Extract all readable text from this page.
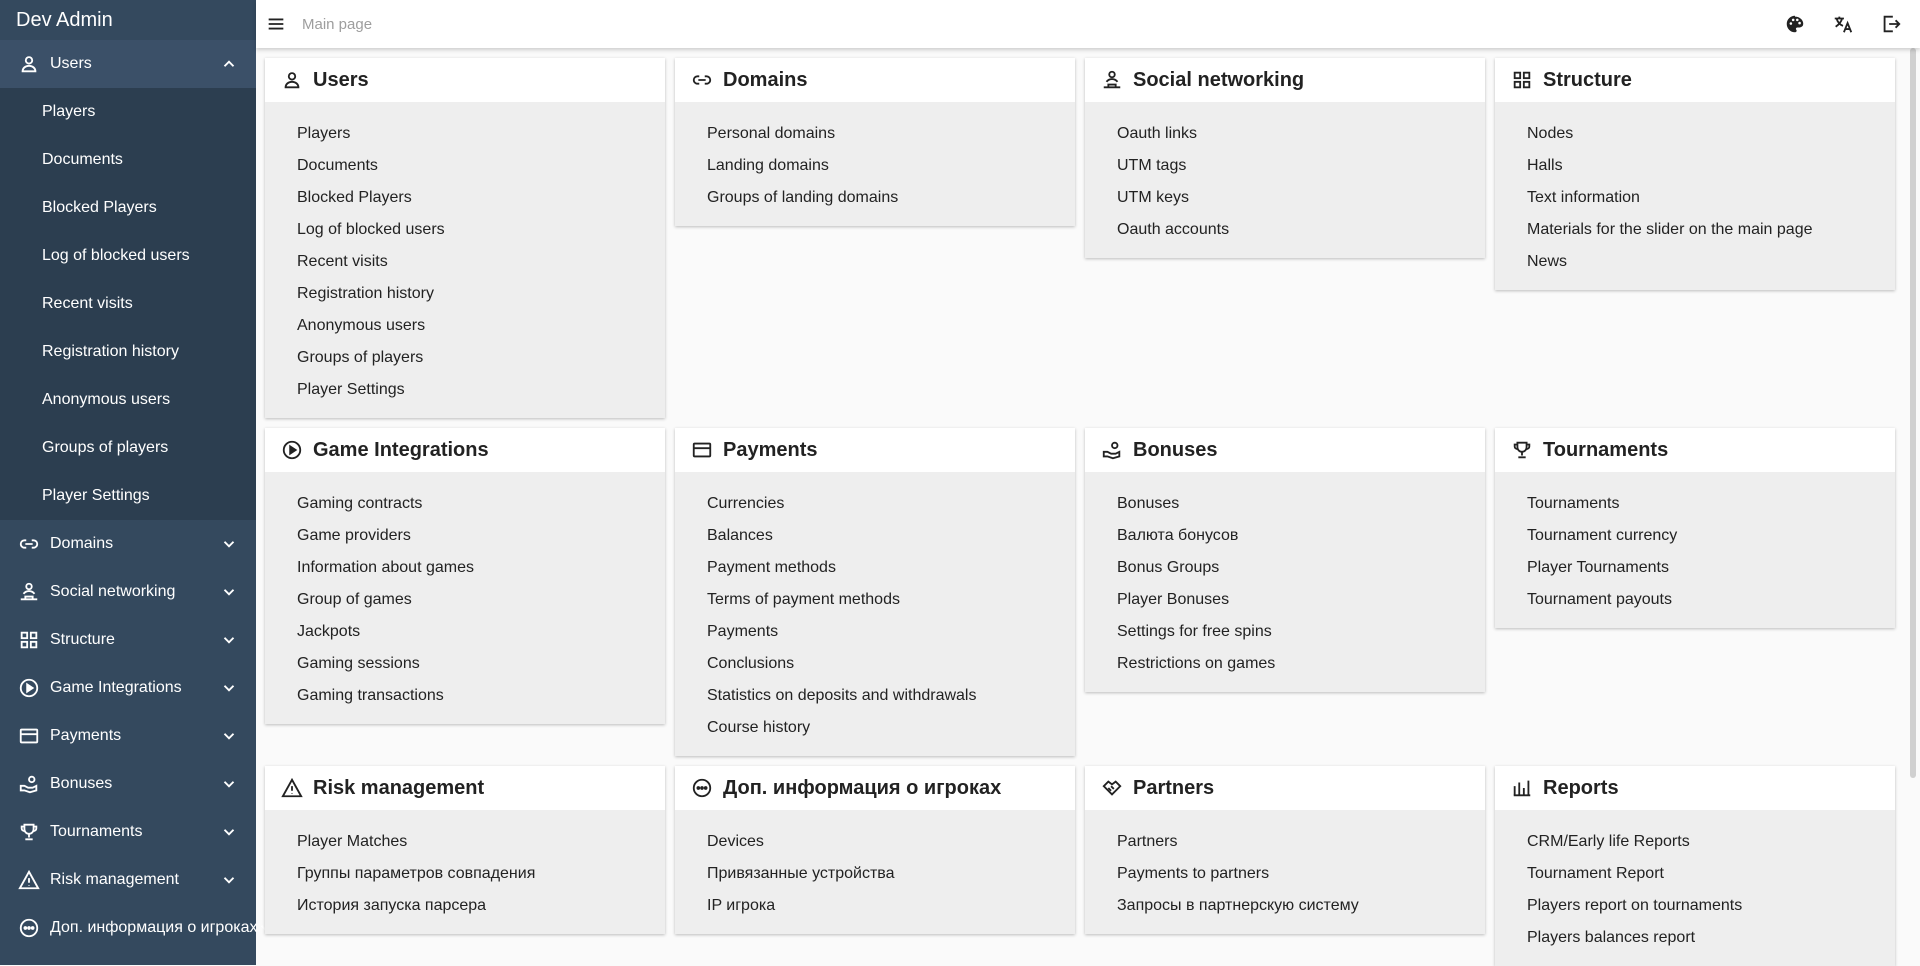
Dev Admin
Users
Players
Documents
Blocked Players
Log of blocked users
Recent visits
Registration history
Anonymous users
Groups of players
Player Settings
Domains
Social networking
Structure
Game Integrations
Payments
Bonuses
Tournaments
Risk management
Доп. информация о игроках
Main page
Users
Players
Documents
Blocked Players
Log of blocked users
Recent visits
Registration history
Anonymous users
Groups of players
Player Settings
Domains
Personal domains
Landing domains
Groups of landing domains
Social networking
Oauth links
UTM tags
UTM keys
Oauth accounts
Structure
Nodes
Halls
Text information
Materials for the slider on the main page
News
Game Integrations
Gaming contracts
Game providers
Information about games
Group of games
Jackpots
Gaming sessions
Gaming transactions
Payments
Currencies
Balances
Payment methods
Terms of payment methods
Payments
Conclusions
Statistics on deposits and withdrawals
Course history
Bonuses
Bonuses
Валюта бонусов
Bonus Groups
Player Bonuses
Settings for free spins
Restrictions on games
Tournaments
Tournaments
Tournament currency
Player Tournaments
Tournament payouts
Risk management
Player Matches
Группы параметров совпадения
История запуска парсера
Доп. информация о игроках
Devices
Привязанные устройства
IP игрока
Partners
Partners
Payments to partners
Запросы в партнерскую систему
Reports
CRM/Early life Reports
Tournament Report
Players report on tournaments
Players balances report
